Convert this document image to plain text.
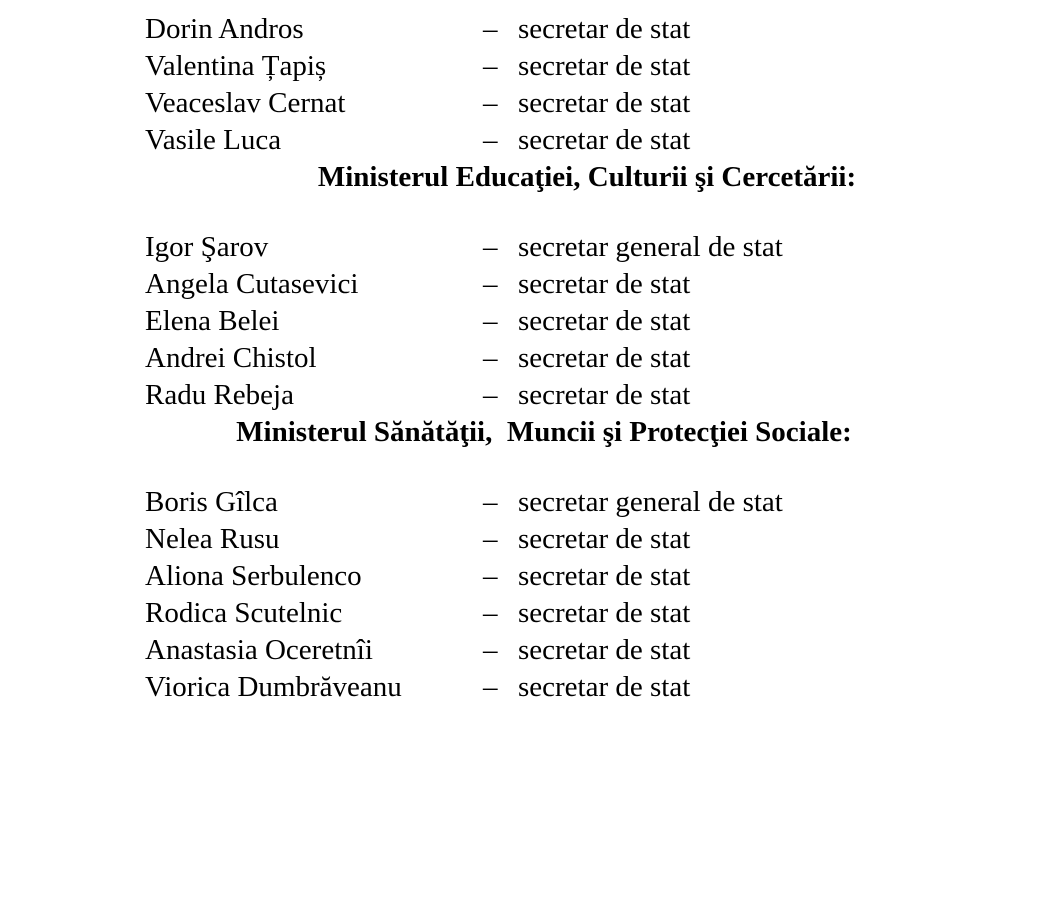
Dorin Andros	– secretar de stat
Valentina Țapiș	– secretar de stat
Veaceslav Cernat	– secretar de stat
Vasile Luca	– secretar de stat
Ministerul Educaţiei, Culturii şi Cercetării:
Igor Şarov	– secretar general de stat
Angela Cutasevici	– secretar de stat
Elena Belei	– secretar de stat
Andrei Chistol	– secretar de stat
Radu Rebeja	– secretar de stat
Ministerul Sănătăţii,  Muncii şi Protecţiei Sociale:
Boris Gîlca	– secretar general de stat
Nelea Rusu	– secretar de stat
Aliona Serbulenco	– secretar de stat
Rodica Scutelnic	– secretar de stat
Anastasia Oceretnîi	– secretar de stat
Viorica Dumbrăveanu	– secretar de stat
